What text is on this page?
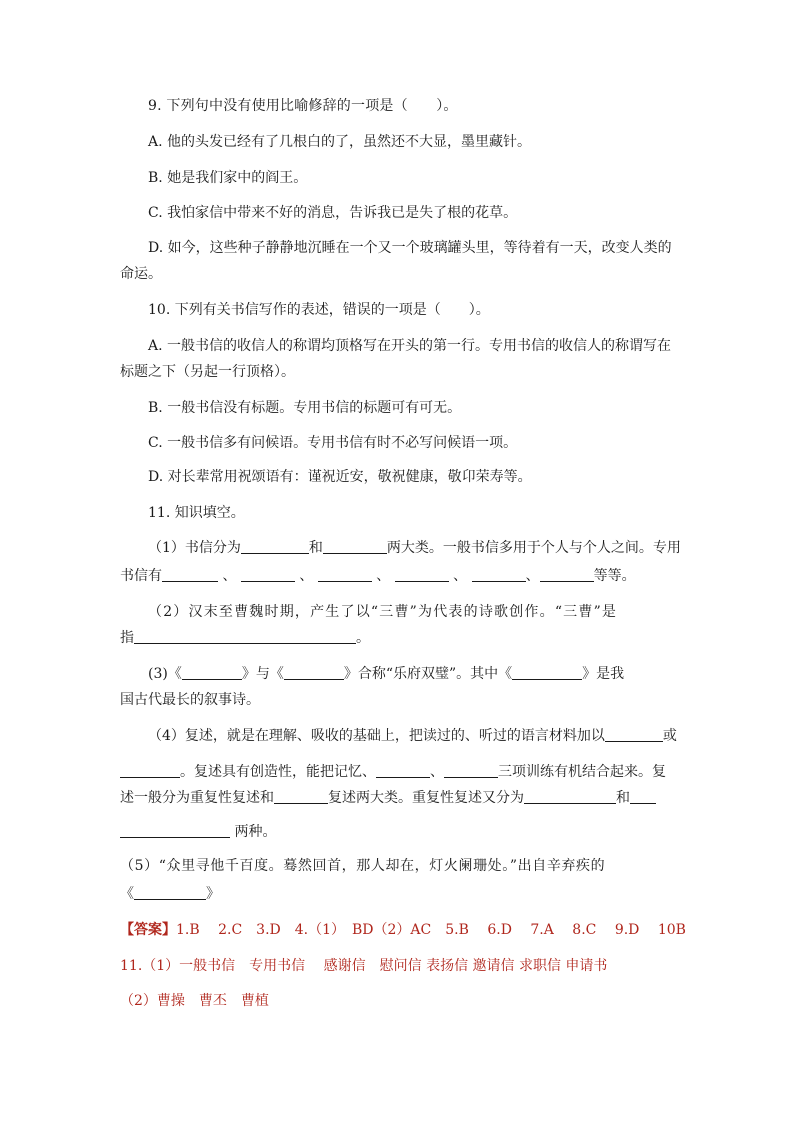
9. 下列句中没有使用比喻修辞的一项是（　　）。
A. 他的头发已经有了几根白的了，虽然还不大显，墨里藏针。
B. 她是我们家中的阎王。
C. 我怕家信中带来不好的消息，告诉我已是失了根的花草。
D. 如今，这些种子静静地沉睡在一个又一个玻璃罐头里，等待着有一天，改变人类的
命运。
10. 下列有关书信写作的表述，错误的一项是（　　）。
A. 一般书信的收信人的称谓均顶格写在开头的第一行。专用书信的收信人的称谓写在
标题之下（另起一行顶格）。
B. 一般书信没有标题。专用书信的标题可有可无。
C. 一般书信多有问候语。专用书信有时不必写问候语一项。
D. 对长辈常用祝颂语有：谨祝近安，敬祝健康，敬卬荣寿等。
11. 知识填空。
（1）书信分为	和	两大类。一般书信多用于个人与个人之间。专用
书信有	、	、	、	、	、	等等。
（2）汉末至曹魏时期，产生了以“三曹”为代表的诗歌创作。“三曹”是
指	。
(3)《	》与《	》合称“乐府双璧”。其中《	》是我
国古代最长的叙事诗。
（4）复述，就是在理解、吸收的基础上，把读过的、听过的语言材料加以	或
。复述具有创造性，能把记忆、	、	三项训练有机结合起来。复
述一般分为重复性复述和	复述两大类。重复性复述又分为	和
两种。
（5）“众里寻他千百度。蓦然回首，那人却在，灯火阑珊处。”出自辛弃疾的
《	》
【答案】1.B　 2.C　3.D　4.（1）　BD（2）AC　5.B　 6.D　 7.A　 8.C　 9.D　 10B
11.（1）一般书信　专用书信　 感谢信　慰问信 表扬信 邀请信 求职信 申请书
（2）曹操　曹丕　曹植
